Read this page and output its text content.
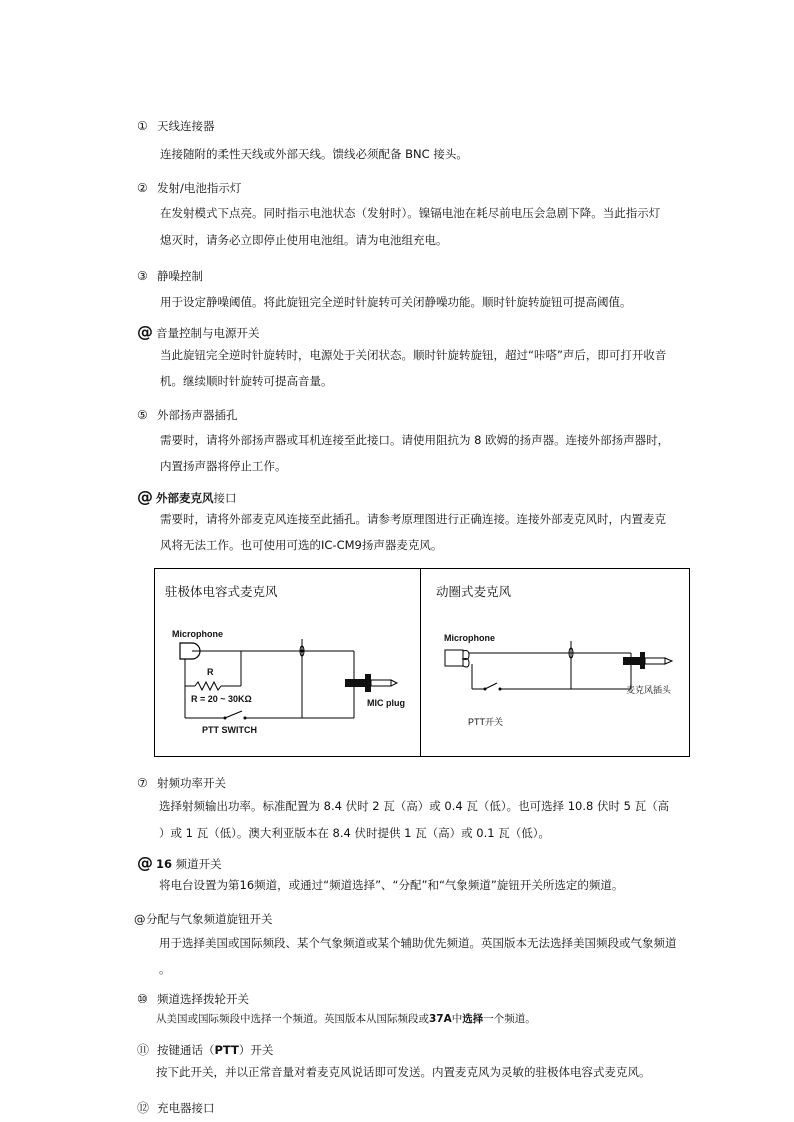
① 天线连接器
连接随附的柔性天线或外部天线。馈线必须配备 BNC 接头。
② 发射/电池指示灯
在发射模式下点亮。同时指示电池状态（发射时）。镍镉电池在耗尽前电压会急剧下降。当此指示灯
熄灭时，请务必立即停止使用电池组。请为电池组充电。
③ 静噪控制
用于设定静噪阈值。将此旋钮完全逆时针旋转可关闭静噪功能。顺时针旋转旋钮可提高阈值。
@ 音量控制与电源开关
当此旋钮完全逆时针旋转时，电源处于关闭状态。顺时针旋转旋钮，超过“咔嗒”声后，即可打开收音
机。继续顺时针旋转可提高音量。
⑤ 外部扬声器插孔
需要时，请将外部扬声器或耳机连接至此接口。请使用阻抗为 8 欧姆的扬声器。连接外部扬声器时，
内置扬声器将停止工作。
@ 外部麦克风接口
需要时，请将外部麦克风连接至此插孔。请参考原理图进行正确连接。连接外部麦克风时，内置麦克
风将无法工作。也可使用可选的IC-CM9扬声器麦克风。
驻极体电容式麦克风	动圈式麦克风
Microphone
R
R = 20 ~ 30KΩ	MIC plug
PTT SWITCH
Microphone
麦克风插头
PTT开关
⑦ 射频功率开关
选择射频输出功率。标准配置为 8.4 伏时 2 瓦（高）或 0.4 瓦（低）。也可选择 10.8 伏时 5 瓦（高
）或 1 瓦（低）。澳大利亚版本在 8.4 伏时提供 1 瓦（高）或 0.1 瓦（低）。
@ 16 频道开关
将电台设置为第16频道，或通过“频道选择”、“分配”和“气象频道”旋钮开关所选定的频道。
@分配与气象频道旋钮开关
用于选择美国或国际频段、某个气象频道或某个辅助优先频道。英国版本无法选择美国频段或气象频道
。
⑩ 频道选择拨轮开关
从美国或国际频段中选择一个频道。英国版本从国际频段或37A中选择一个频道。
⑪ 按键通话（PTT）开关
按下此开关，并以正常音量对着麦克风说话即可发送。内置麦克风为灵敏的驻极体电容式麦克风。
⑫ 充电器接口
